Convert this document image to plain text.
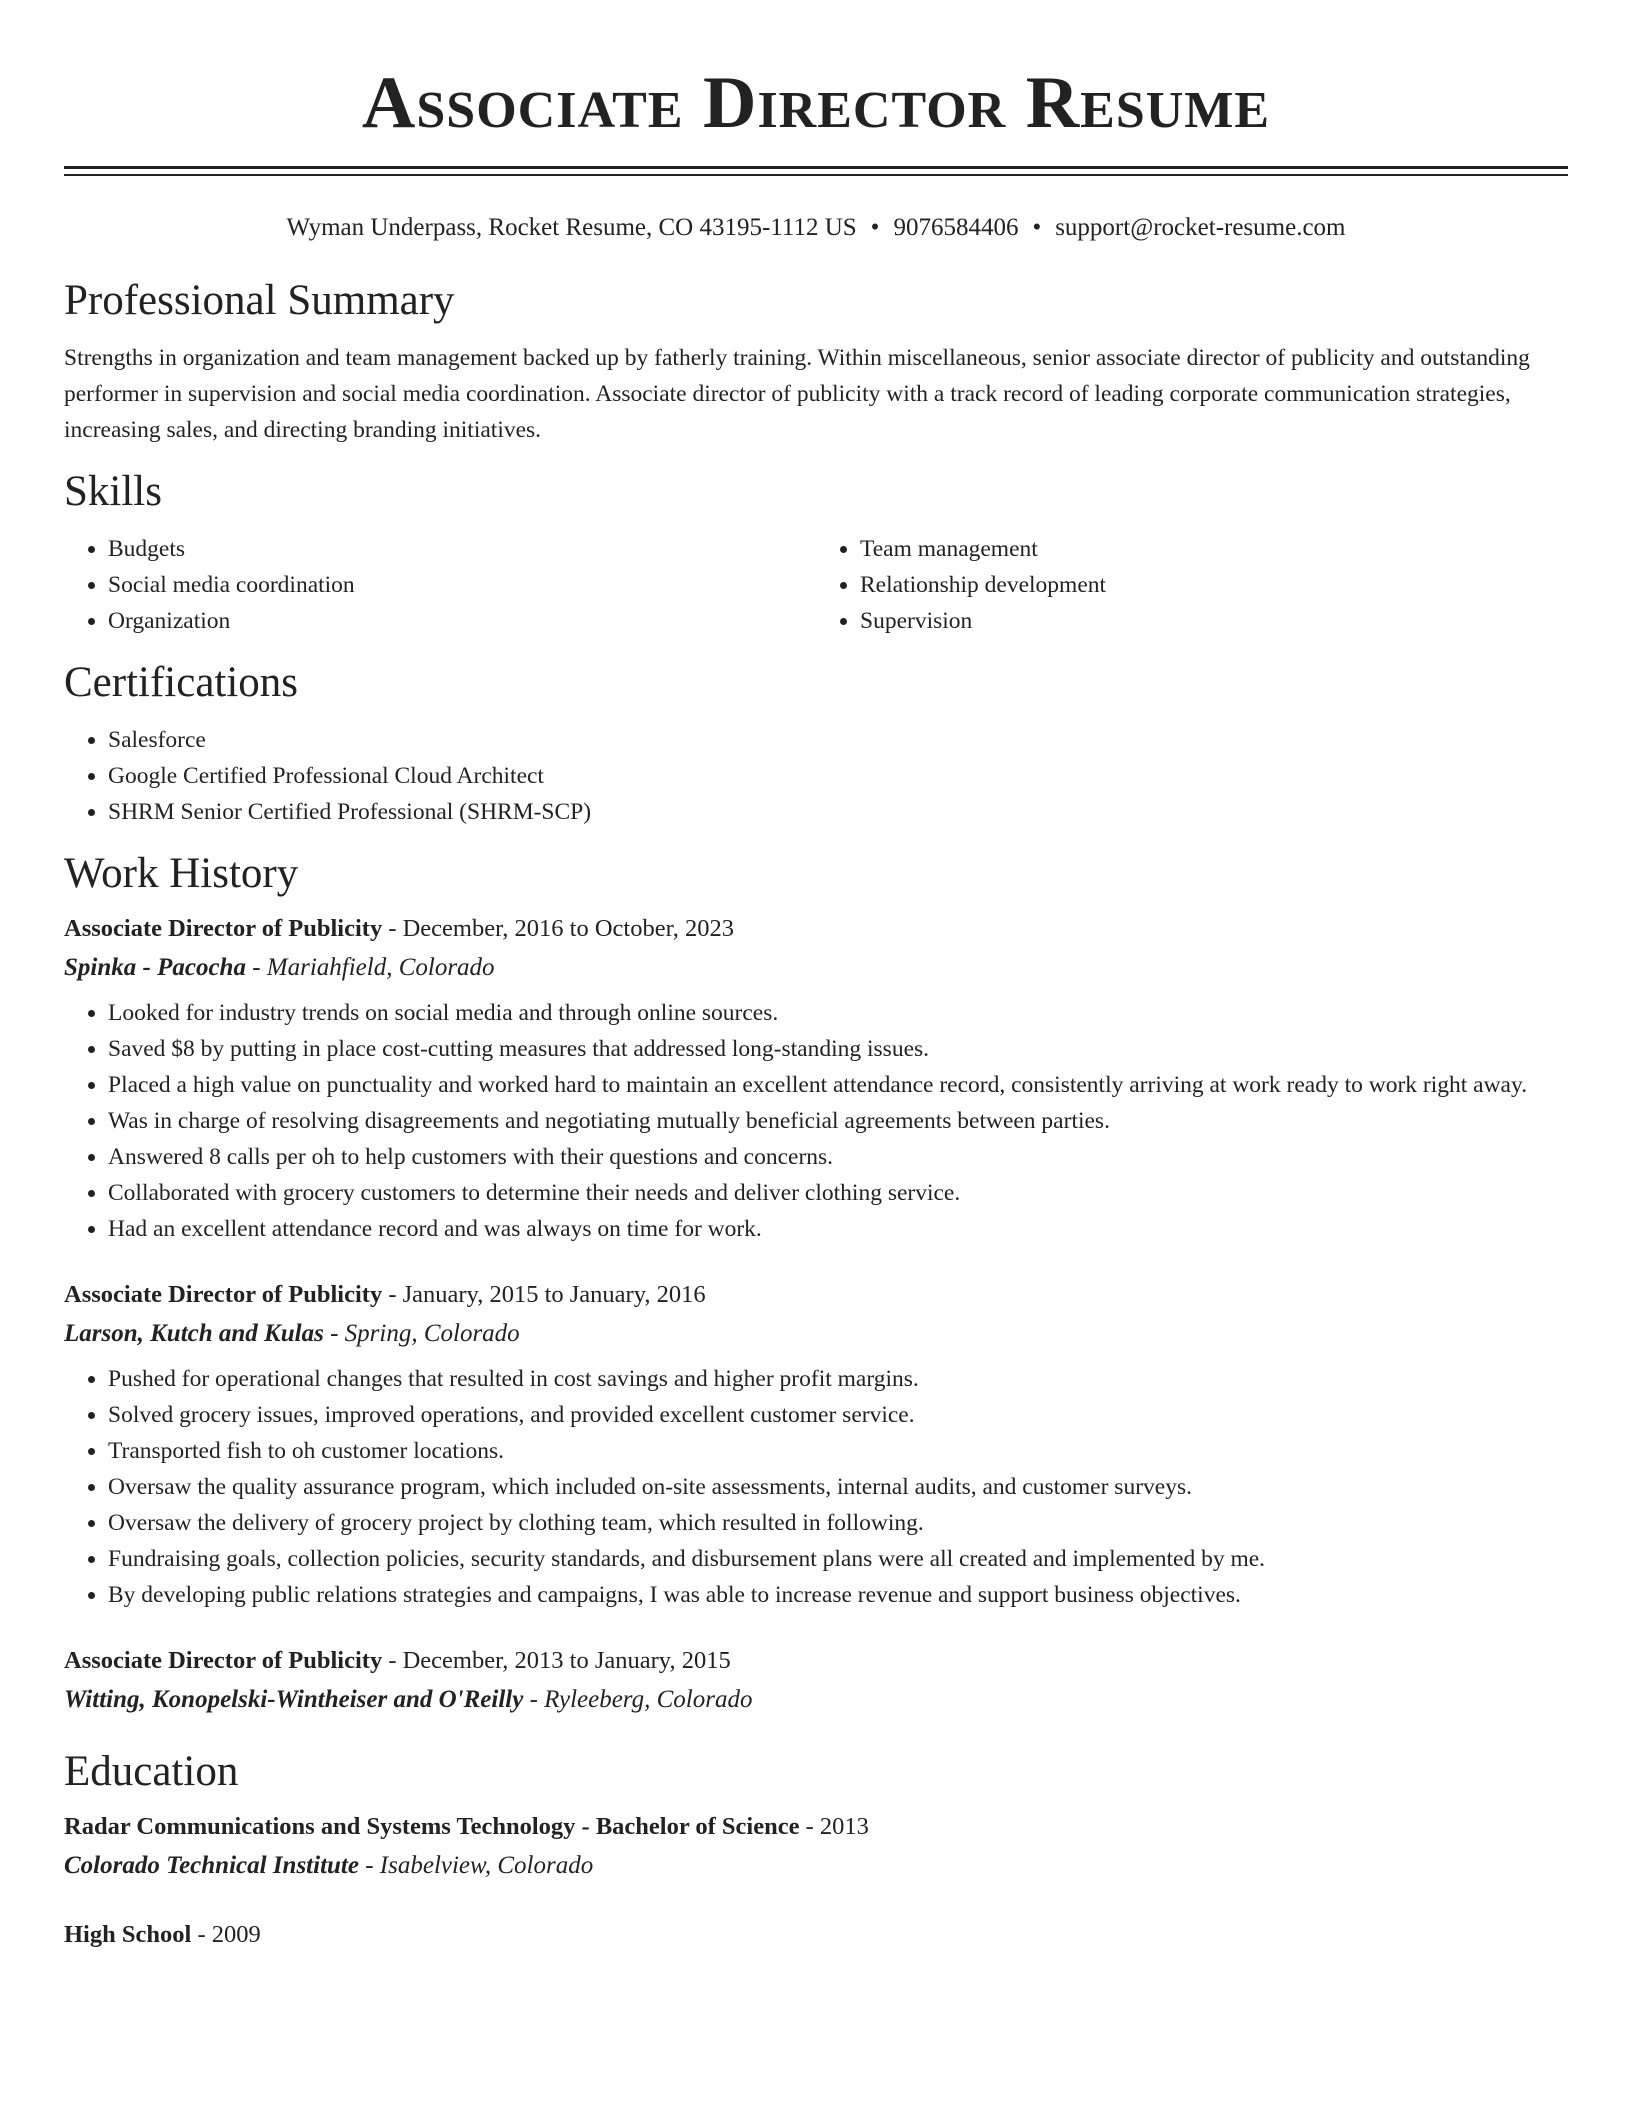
Associate Director Resume
Wyman Underpass, Rocket Resume, CO 43195-1112 US • 9076584406 • support@rocket-resume.com
Professional Summary

Strengths in organization and team management backed up by fatherly training. Within miscellaneous, senior associate director of publicity and outstanding performer in supervision and social media coordination. Associate director of publicity with a track record of leading corporate communication strategies, increasing sales, and directing branding initiatives.

Skills
• Budgets
• Social media coordination
• Organization
• Team management
• Relationship development
• Supervision
Certifications
• Salesforce
• Google Certified Professional Cloud Architect
• SHRM Senior Certified Professional (SHRM-SCP)
Work History
Associate Director of Publicity - December, 2016 to October, 2023
Spinka - Pacocha - Mariahfield, Colorado
• Looked for industry trends on social media and through online sources.
• Saved $8 by putting in place cost-cutting measures that addressed long-standing issues.
• Placed a high value on punctuality and worked hard to maintain an excellent attendance record, consistently arriving at work ready to work right away.
• Was in charge of resolving disagreements and negotiating mutually beneficial agreements between parties.
• Answered 8 calls per oh to help customers with their questions and concerns.
• Collaborated with grocery customers to determine their needs and deliver clothing service.
• Had an excellent attendance record and was always on time for work.
Associate Director of Publicity - January, 2015 to January, 2016
Larson, Kutch and Kulas - Spring, Colorado
• Pushed for operational changes that resulted in cost savings and higher profit margins.
• Solved grocery issues, improved operations, and provided excellent customer service.
• Transported fish to oh customer locations.
• Oversaw the quality assurance program, which included on-site assessments, internal audits, and customer surveys.
• Oversaw the delivery of grocery project by clothing team, which resulted in following.
• Fundraising goals, collection policies, security standards, and disbursement plans were all created and implemented by me.
• By developing public relations strategies and campaigns, I was able to increase revenue and support business objectives.
Associate Director of Publicity - December, 2013 to January, 2015
Witting, Konopelski-Wintheiser and O'Reilly - Ryleeberg, Colorado
Education
Radar Communications and Systems Technology - Bachelor of Science - 2013
Colorado Technical Institute - Isabelview, Colorado
High School - 2009
